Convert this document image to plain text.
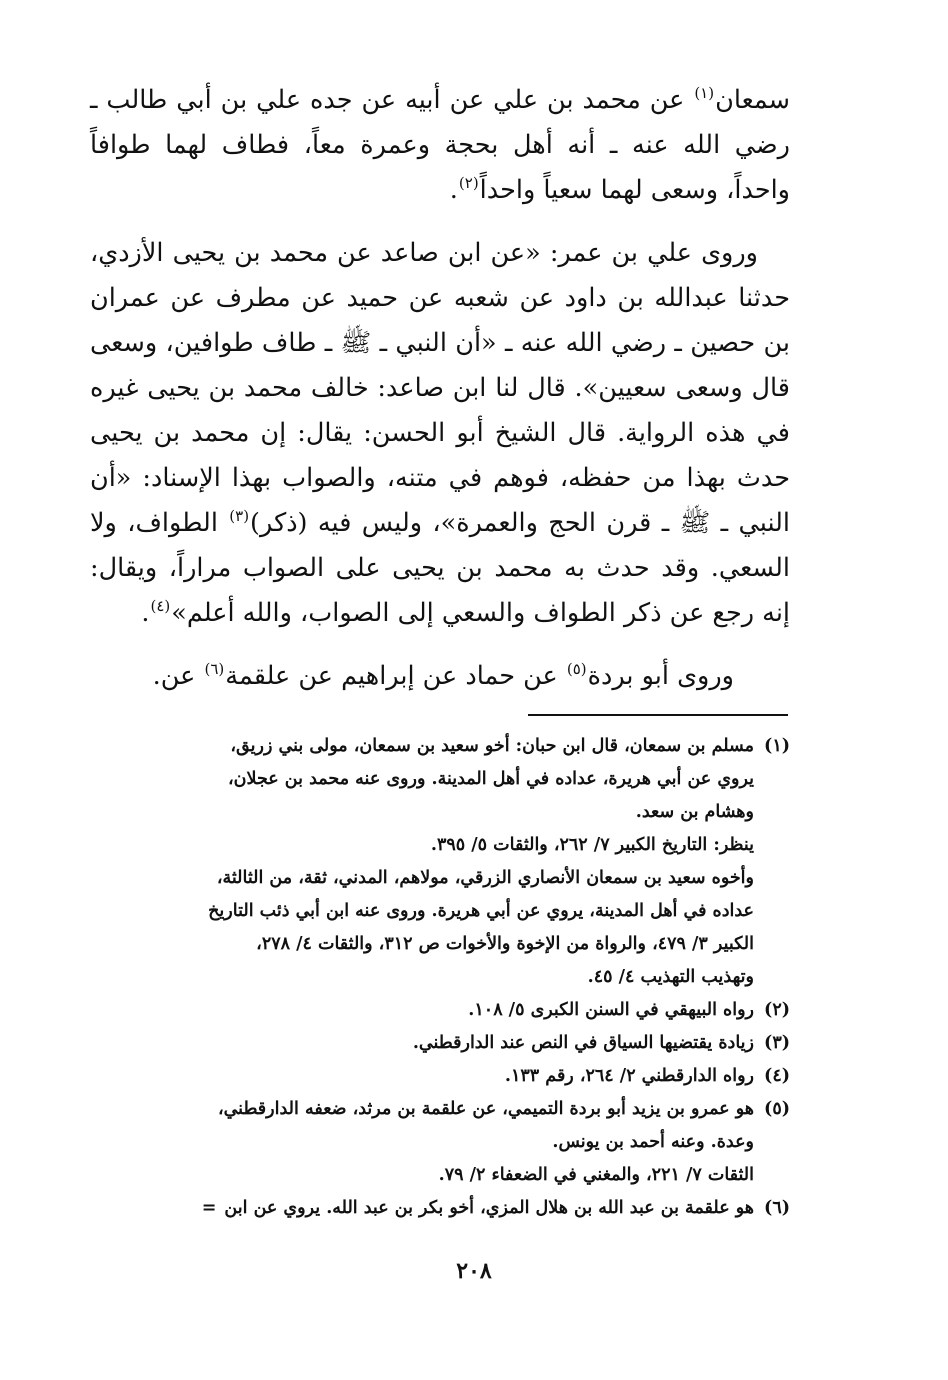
سمعان$^{(١)}$ عن محمد بن علي عن أبيه عن جده علي بن أبي طالب ـ رضي الله عنه ـ أنه أهل بحجة وعمرة معاً، فطاف لهما طوافاً واحداً، وسعى لهما سعياً واحداً$^{(٢)}$.

وروى علي بن عمر: «عن ابن صاعد عن محمد بن يحيى الأزدي، حدثنا عبدالله بن داود عن شعبه عن حميد عن مطرف عن عمران بن حصين ـ رضي الله عنه ـ «أن النبي ـ ﷺ ـ طاف طوافين، وسعى قال وسعى سعيين». قال لنا ابن صاعد: خالف محمد بن يحيى غيره في هذه الرواية. قال الشيخ أبو الحسن: يقال: إن محمد بن يحيى حدث بهذا من حفظه، فوهم في متنه، والصواب بهذا الإسناد: «أن النبي ـ ﷺ ـ قرن الحج والعمرة»، وليس فيه (ذكر)$^{(٣)}$ الطواف، ولا السعي. وقد حدث به محمد بن يحيى على الصواب مراراً، ويقال: إنه رجع عن ذكر الطواف والسعي إلى الصواب، والله أعلم»$^{(٤)}$.

وروى أبو بردة$^{(٥)}$ عن حماد عن إبراهيم عن علقمة$^{(٦)}$ عن.

(١)
مسلم بن سمعان، قال ابن حبان: أخو سعيد بن سمعان، مولى بني زريق،
يروي عن أبي هريرة، عداده في أهل المدينة. وروى عنه محمد بن عجلان،
وهشام بن سعد.
ينظر: التاريخ الكبير ٧/ ٢٦٢، والثقات ٥/ ٣٩٥.
وأخوه سعيد بن سمعان الأنصاري الزرقي، مولاهم، المدني، ثقة، من الثالثة،
عداده في أهل المدينة، يروي عن أبي هريرة. وروى عنه ابن أبي ذئب التاريخ
الكبير ٣/ ٤٧٩، والرواة من الإخوة والأخوات ص ٣١٢، والثقات ٤/ ٢٧٨،
وتهذيب التهذيب ٤/ ٤٥.
(٢)
رواه البيهقي في السنن الكبرى ٥/ ١٠٨.
(٣)
زيادة يقتضيها السياق في النص عند الدارقطني.
(٤)
رواه الدارقطني ٢/ ٢٦٤، رقم ١٣٣.
(٥)
هو عمرو بن يزيد أبو بردة التميمي، عن علقمة بن مرثد، ضعفه الدارقطني،
وعدة. وعنه أحمد بن يونس.
الثقات ٧/ ٢٢١، والمغني في الضعفاء ٢/ ٧٩.
(٦)
هو علقمة بن عبد الله بن هلال المزي، أخو بكر بن عبد الله. يروي عن ابن=
٢٠٨
